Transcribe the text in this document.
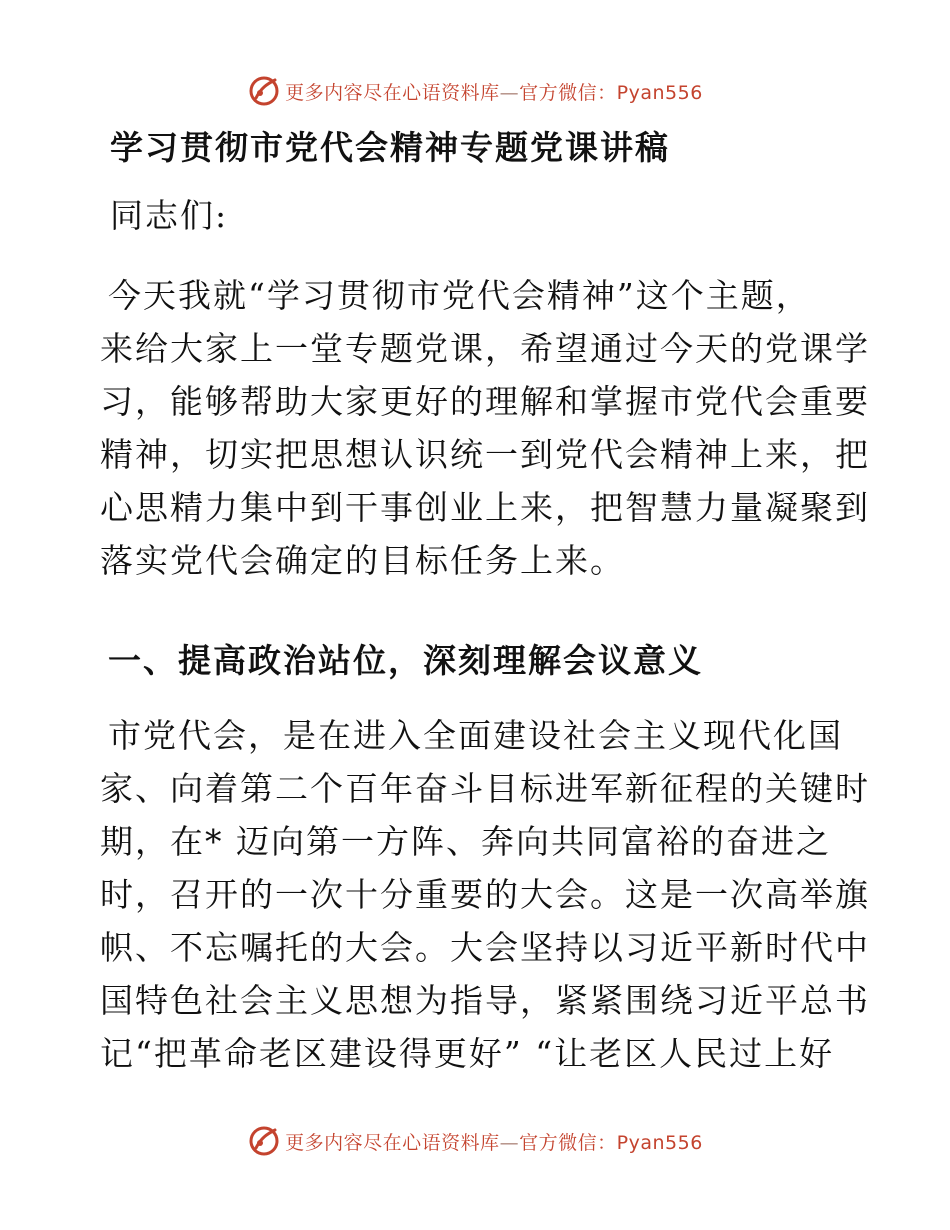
更多内容尽在心语资料库—官方微信：Pyan556
学习贯彻市党代会精神专题党课讲稿

同志们:

今天我就“学习贯彻市党代会精神”这个主题，
来给大家上一堂专题党课，希望通过今天的党课学
习，能够帮助大家更好的理解和掌握市党代会重要
精神，切实把思想认识统一到党代会精神上来，把
心思精力集中到干事创业上来，把智慧力量凝聚到
落实党代会确定的目标任务上来。
一、提高政治站位，深刻理解会议意义
市党代会，是在进入全面建设社会主义现代化国
家、向着第二个百年奋斗目标进军新征程的关键时
期，在* 迈向第一方阵、奔向共同富裕的奋进之
时，召开的一次十分重要的大会。这是一次高举旗
帜、不忘嘱托的大会。大会坚持以习近平新时代中
国特色社会主义思想为指导，紧紧围绕习近平总书
记“把革命老区建设得更好” “让老区人民过上好
更多内容尽在心语资料库—官方微信：Pyan556
